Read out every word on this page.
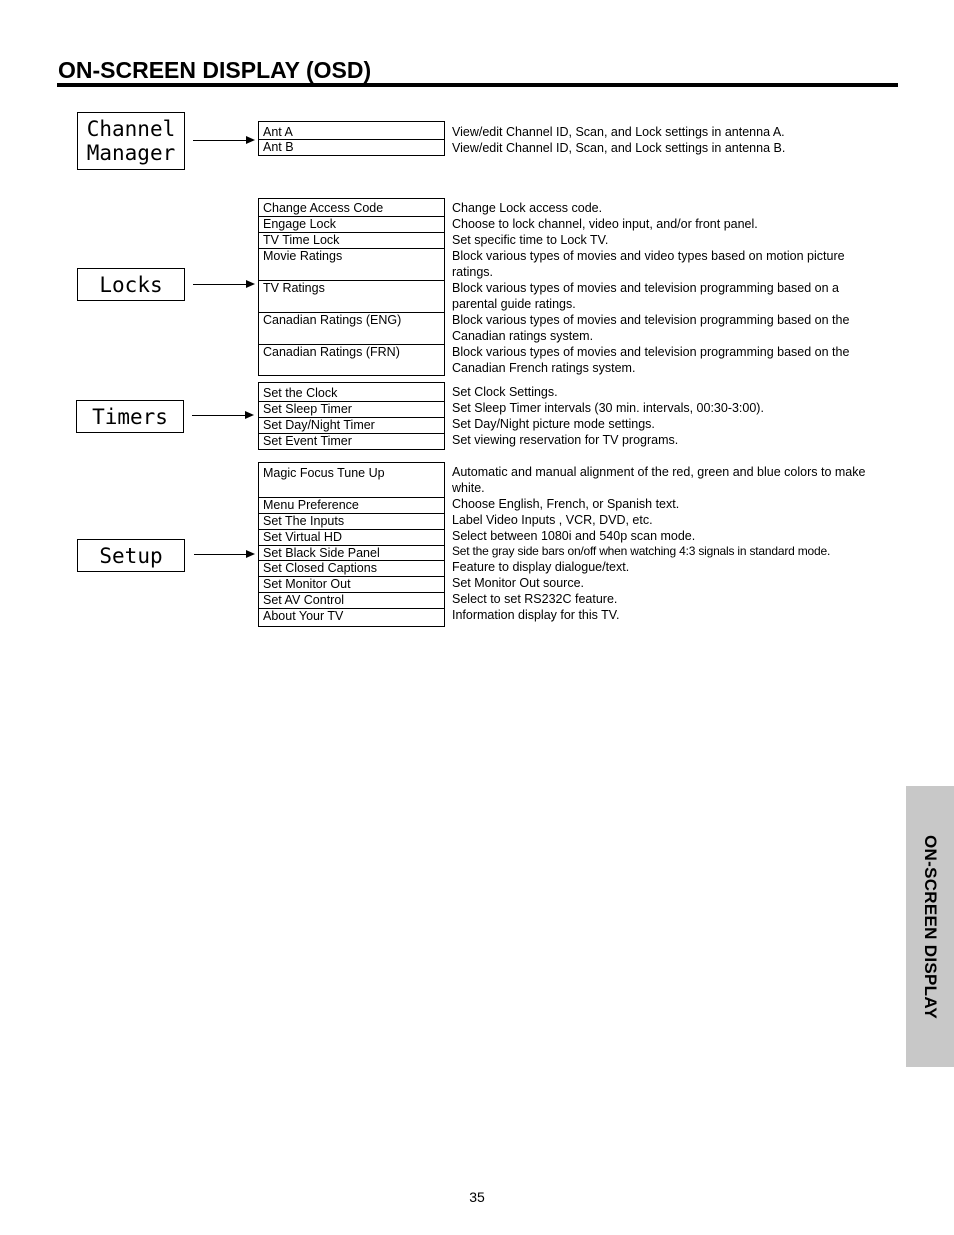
ON-SCREEN DISPLAY (OSD)
Channel
Manager
Ant A
Ant B
View/edit Channel ID, Scan, and Lock settings in antenna A.
View/edit Channel ID, Scan, and Lock settings in antenna B.
Locks
Change Access Code
Engage Lock
TV Time Lock
Movie Ratings
TV Ratings
Canadian Ratings (ENG)
Canadian Ratings (FRN)
Change Lock access code.
Choose to lock channel, video input, and/or front panel.
Set specific time to Lock TV.
Block various types of movies and video types based on motion picture ratings.
Block various types of movies and television programming based on a parental guide ratings.
Block various types of movies and television programming based on the Canadian ratings system.
Block various types of movies and television programming based on the Canadian French ratings system.
Timers
Set the Clock
Set Sleep Timer
Set Day/Night Timer
Set Event Timer
Set Clock Settings.
Set Sleep Timer intervals (30 min. intervals, 00:30-3:00).
Set Day/Night picture mode settings.
Set viewing reservation for TV programs.
Setup
Magic Focus Tune Up
Menu Preference
Set The Inputs
Set Virtual HD
Set Black Side Panel
Set Closed Captions
Set Monitor Out
Set AV Control
About Your TV
Automatic and manual alignment of the red, green and blue colors to make white.
Choose English, French, or Spanish text.
Label Video Inputs , VCR, DVD, etc.
Select between 1080i and 540p scan mode.
Set the gray side bars on/off when watching 4:3 signals in standard mode.
Feature to display dialogue/text.
Set Monitor Out source.
Select to set RS232C feature.
Information display for this TV.
ON-SCREEN DISPLAY
35
